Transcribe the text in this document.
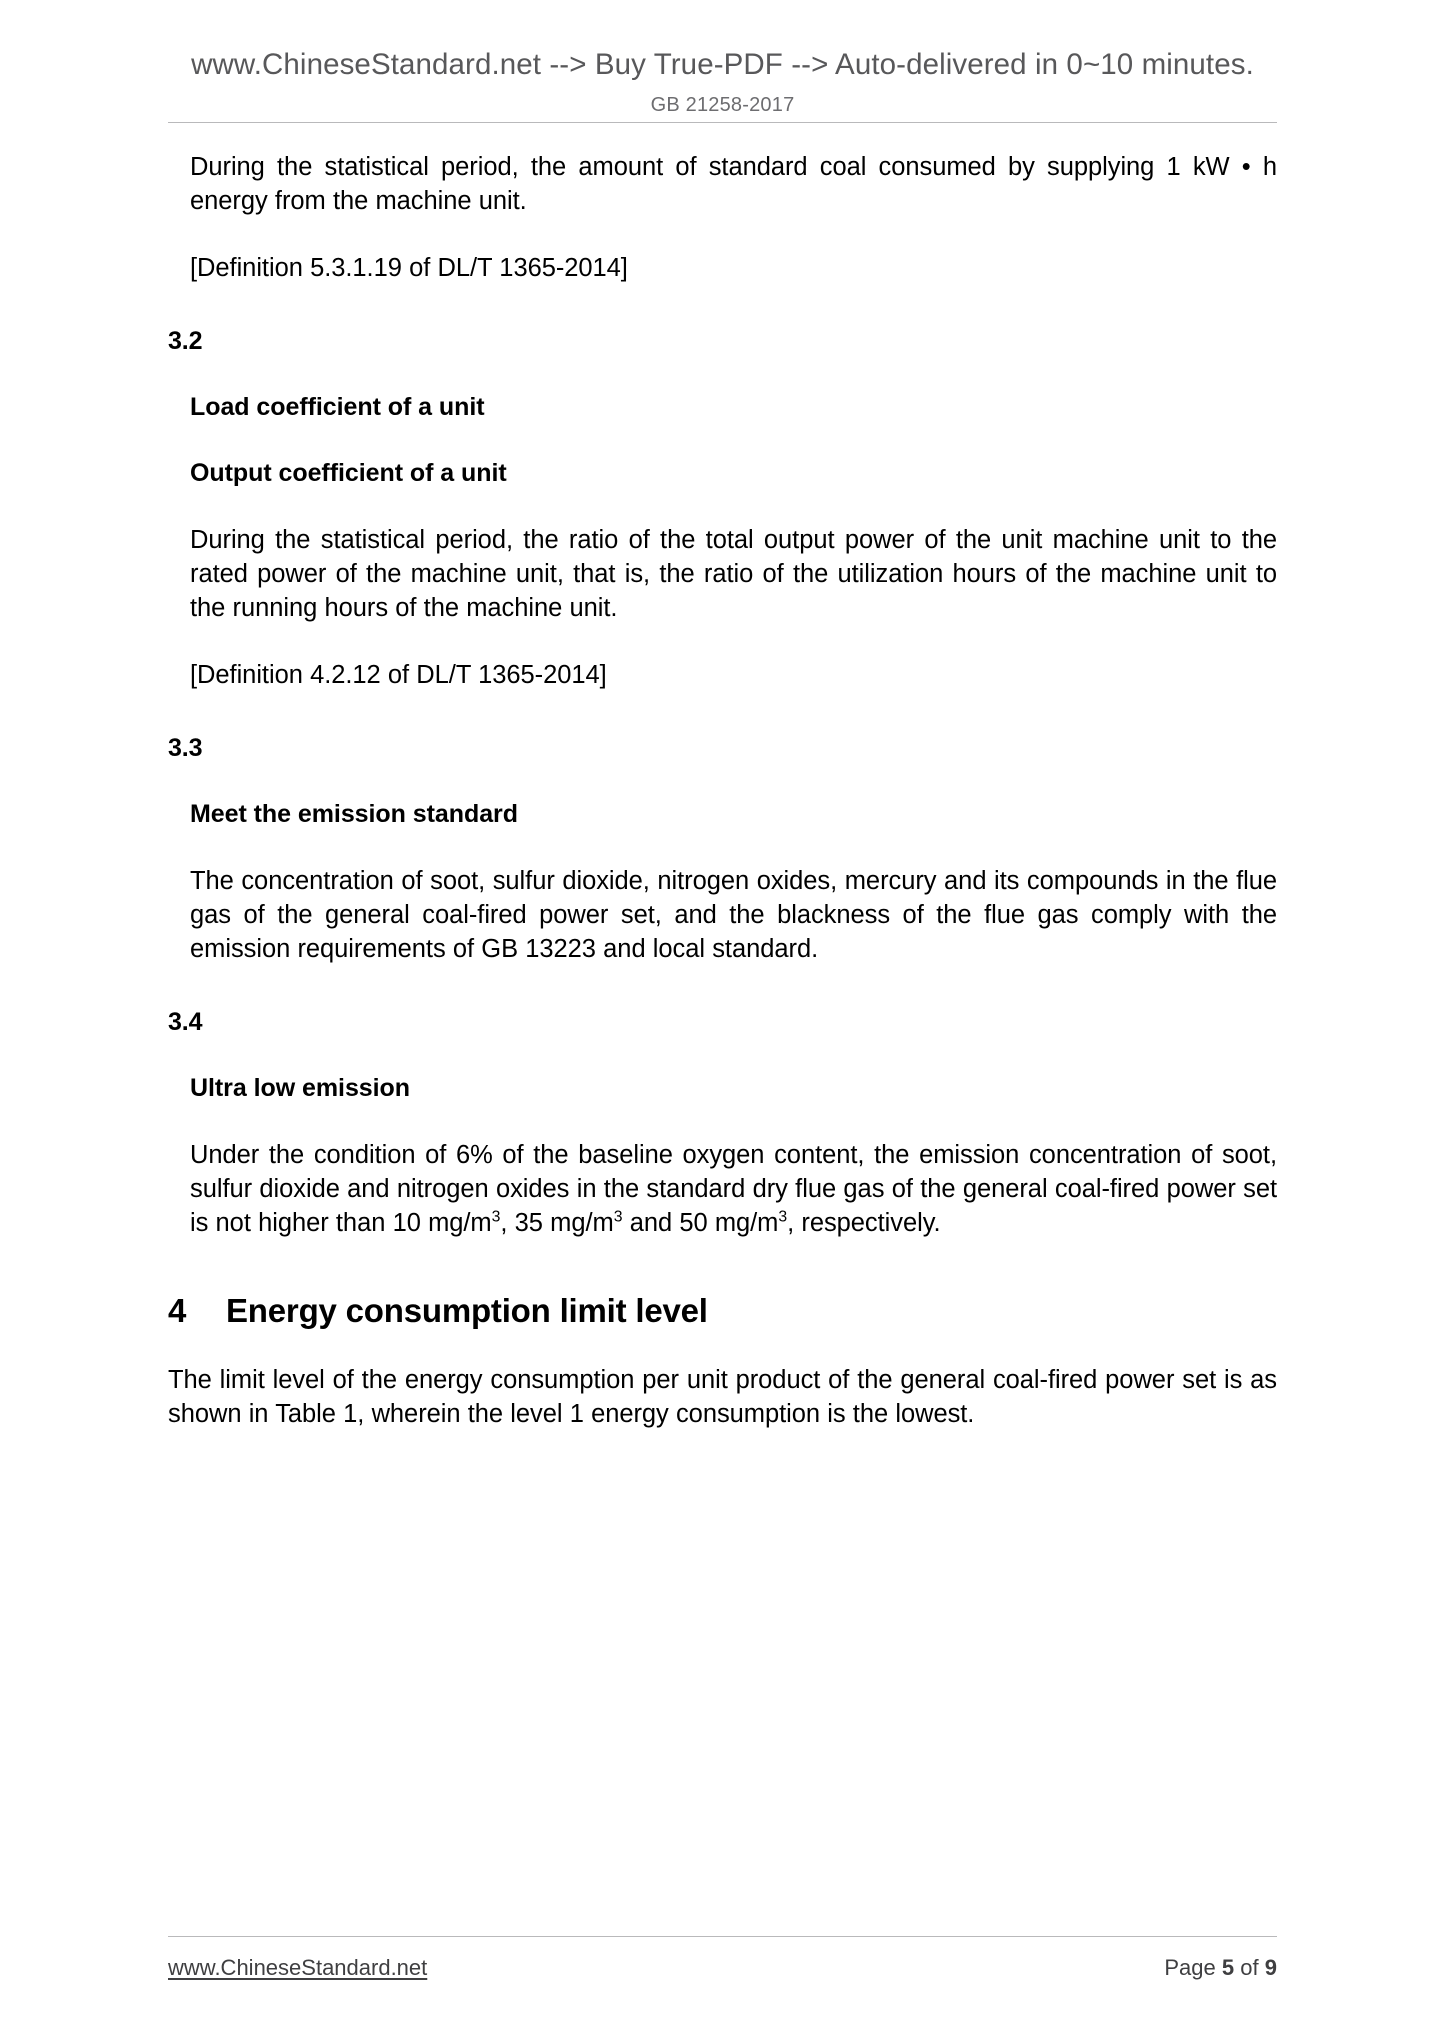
www.ChineseStandard.net --> Buy True-PDF --> Auto-delivered in 0~10 minutes.
GB 21258-2017

During the statistical period, the amount of standard coal consumed by supplying 1 kW • h energy from the machine unit.

[Definition 5.3.1.19 of DL/T 1365-2014]

3.2

Load coefficient of a unit

Output coefficient of a unit

During the statistical period, the ratio of the total output power of the unit machine unit to the rated power of the machine unit, that is, the ratio of the utilization hours of the machine unit to the running hours of the machine unit.

[Definition 4.2.12 of DL/T 1365-2014]

3.3

Meet the emission standard

The concentration of soot, sulfur dioxide, nitrogen oxides, mercury and its compounds in the flue gas of the general coal-fired power set, and the blackness of the flue gas comply with the emission requirements of GB 13223 and local standard.

3.4

Ultra low emission

Under the condition of 6% of the baseline oxygen content, the emission concentration of soot, sulfur dioxide and nitrogen oxides in the standard dry flue gas of the general coal-fired power set is not higher than 10 $mg/m^3$, 35 $mg/m^3$ and 50 $mg/m^3$, respectively.

4	Energy consumption limit level

The limit level of the energy consumption per unit product of the general coal-fired power set is as shown in Table 1, wherein the level 1 energy consumption is the lowest.

www.ChineseStandard.net	Page 5 of 9
